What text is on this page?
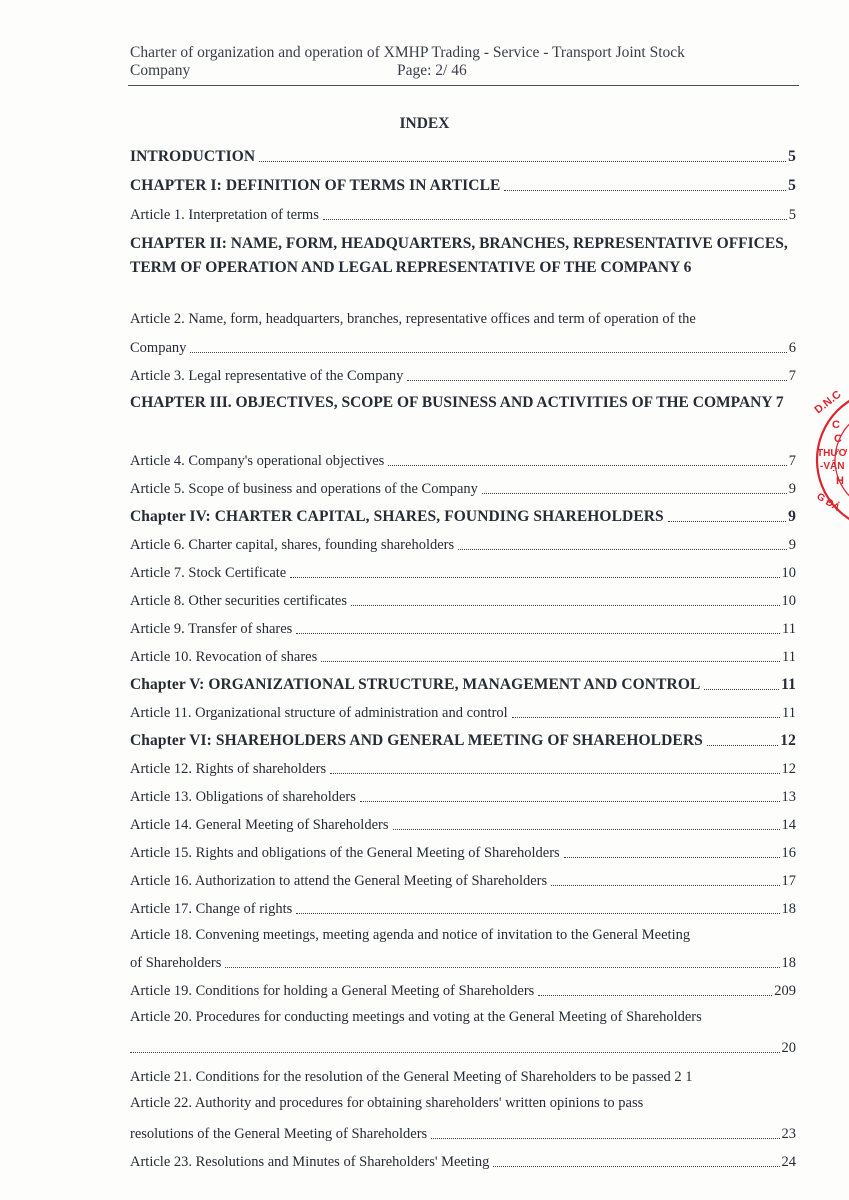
Charter of organization and operation of XMHP Trading - Service - Transport Joint Stock
Company	Page: 2/ 46
INDEX
INTRODUCTION	5
CHAPTER I: DEFINITION OF TERMS IN ARTICLE	5
Article 1. Interpretation of terms	5
CHAPTER II: NAME, FORM, HEADQUARTERS, BRANCHES, REPRESENTATIVE OFFICES, TERM OF OPERATION AND LEGAL REPRESENTATIVE OF THE COMPANY 6
Article 2. Name, form, headquarters, branches, representative offices and term of operation of the
Company	6
Article 3. Legal representative of the Company	7
CHAPTER III. OBJECTIVES, SCOPE OF BUSINESS AND ACTIVITIES OF THE COMPANY 7
Article 4. Company's operational objectives	7
Article 5. Scope of business and operations of the Company	9
Chapter IV: CHARTER CAPITAL, SHARES, FOUNDING SHAREHOLDERS	9
Article 6. Charter capital, shares, founding shareholders	9
Article 7. Stock Certificate	10
Article 8. Other securities certificates	10
Article 9. Transfer of shares	11
Article 10. Revocation of shares	11
Chapter V: ORGANIZATIONAL STRUCTURE, MANAGEMENT AND CONTROL	11
Article 11. Organizational structure of administration and control	11
Chapter VI: SHAREHOLDERS AND GENERAL MEETING OF SHAREHOLDERS	12
Article 12. Rights of shareholders	12
Article 13. Obligations of shareholders	13
Article 14. General Meeting of Shareholders	14
Article 15. Rights and obligations of the General Meeting of Shareholders	16
Article 16. Authorization to attend the General Meeting of Shareholders	17
Article 17. Change of rights	18
Article 18. Convening meetings, meeting agenda and notice of invitation to the General Meeting
of Shareholders	18
Article 19. Conditions for holding a General Meeting of Shareholders	209
Article 20. Procedures for conducting meetings and voting at the General Meeting of Shareholders
20
Article 21. Conditions for the resolution of the General Meeting of Shareholders to be passed 2 1
Article 22. Authority and procedures for obtaining shareholders' written opinions to pass
resolutions of the General Meeting of Shareholders	23
Article 23. Resolutions and Minutes of Shareholders' Meeting	24
D.N.C
C
C
THƯƠ
-VẬN
H
G ĐẢ
